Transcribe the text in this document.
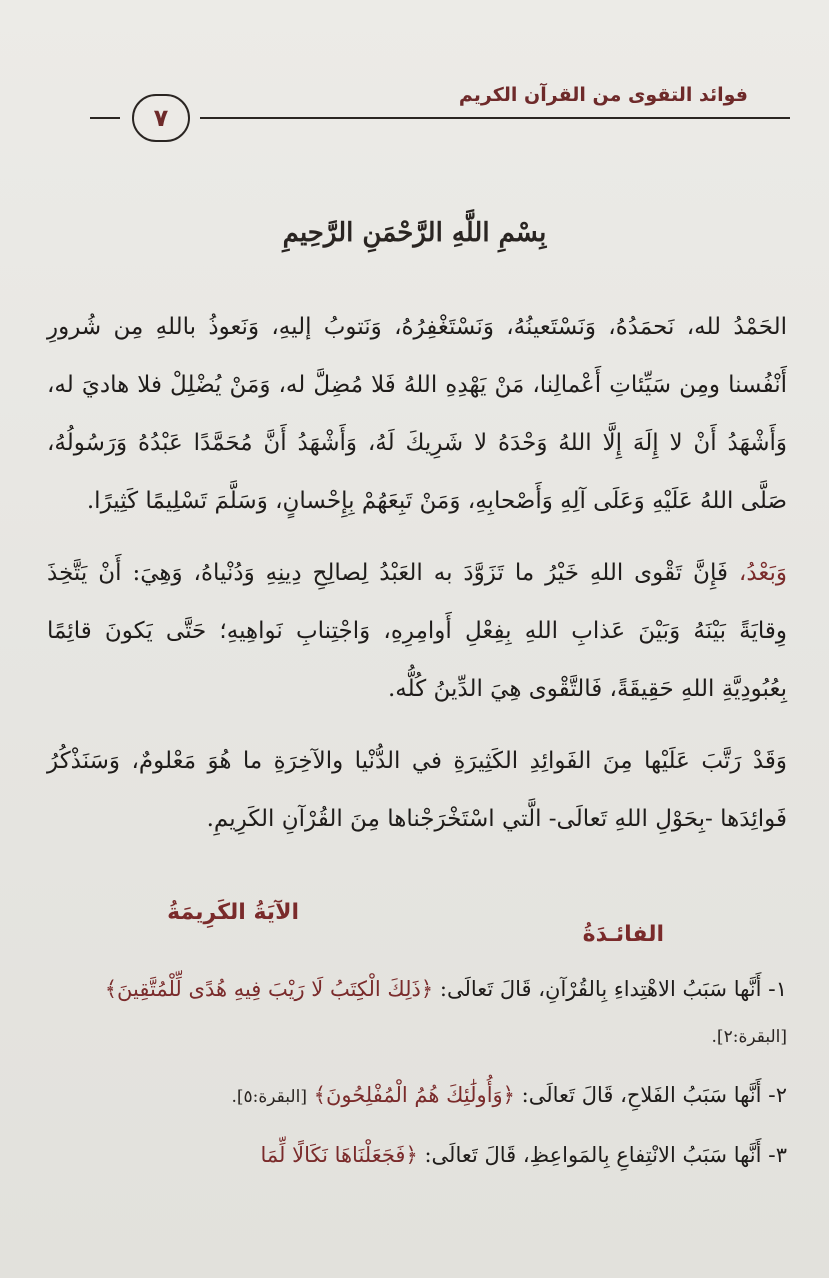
فوائد التقوى من القرآن الكريم
٧
بِسْمِ اللَّهِ الرَّحْمَنِ الرَّحِيمِ

الحَمْدُ لله، نَحمَدُهُ، وَنَسْتَعينُهُ، وَنَسْتَغْفِرُهُ، وَنَتوبُ إليهِ، وَنَعوذُ باللهِ مِن شُرورِ أَنْفُسنا ومِن سَيِّئاتِ أَعْمالِنا، مَنْ يَهْدِهِ اللهُ فَلا مُضِلَّ له، وَمَنْ يُضْلِلْ فلا هاديَ له، وَأَشْهَدُ أَنْ لا إِلَهَ إِلَّا اللهُ وَحْدَهُ لا شَرِيكَ لَهُ، وَأَشْهَدُ أَنَّ مُحَمَّدًا عَبْدُهُ وَرَسُولُهُ، صَلَّى اللهُ عَلَيْهِ وَعَلَى آلِهِ وَأَصْحابِهِ، وَمَنْ تَبِعَهُمْ بِإِحْسانٍ، وَسَلَّمَ تَسْلِيمًا كَثِيرًا.

وَبَعْدُ، فَإِنَّ تَقْوى اللهِ خَيْرُ ما تَزَوَّدَ به العَبْدُ لِصالِحِ دِينِهِ وَدُنْياهُ، وَهِيَ: أَنْ يَتَّخِذَ وِقايَةً بَيْنَهُ وَبَيْنَ عَذابِ اللهِ بِفِعْلِ أَوامِرِهِ، وَاجْتِنابِ نَواهِيهِ؛ حَتَّى يَكونَ قائِمًا بِعُبُودِيَّةِ اللهِ حَقِيقَةً، فَالتَّقْوى هِيَ الدِّينُ كُلُّه.

وَقَدْ رَتَّبَ عَلَيْها مِنَ الفَوائِدِ الكَثِيرَةِ في الدُّنْيا والآخِرَةِ ما هُوَ مَعْلومٌ، وَسَنَذْكُرُ فَوائِدَها -بِحَوْلِ اللهِ تَعالَى- الَّتي اسْتَخْرَجْناها مِنَ القُرْآنِ الكَرِيمِ.

الآيَةُ الكَرِيمَةُ
الفائـدَةُ
١- أَنَّها سَبَبُ الاهْتِداءِ بِالقُرْآنِ، قَالَ تَعالَى: ﴿ذَلِكَ الْكِتَبُ لَا رَيْبَ فِيهِ هُدًى لِّلْمُتَّقِينَ﴾ [البقرة:٢].
٢- أَنَّها سَبَبُ الفَلاحِ، قَالَ تَعالَى: ﴿وَأُولَٰئِكَ هُمُ الْمُفْلِحُونَ﴾ [البقرة:٥].
٣- أَنَّها سَبَبُ الانْتِفاعِ بِالمَواعِظِ، قَالَ تَعالَى: ﴿فَجَعَلْنَاهَا نَكَالًا لِّمَا
